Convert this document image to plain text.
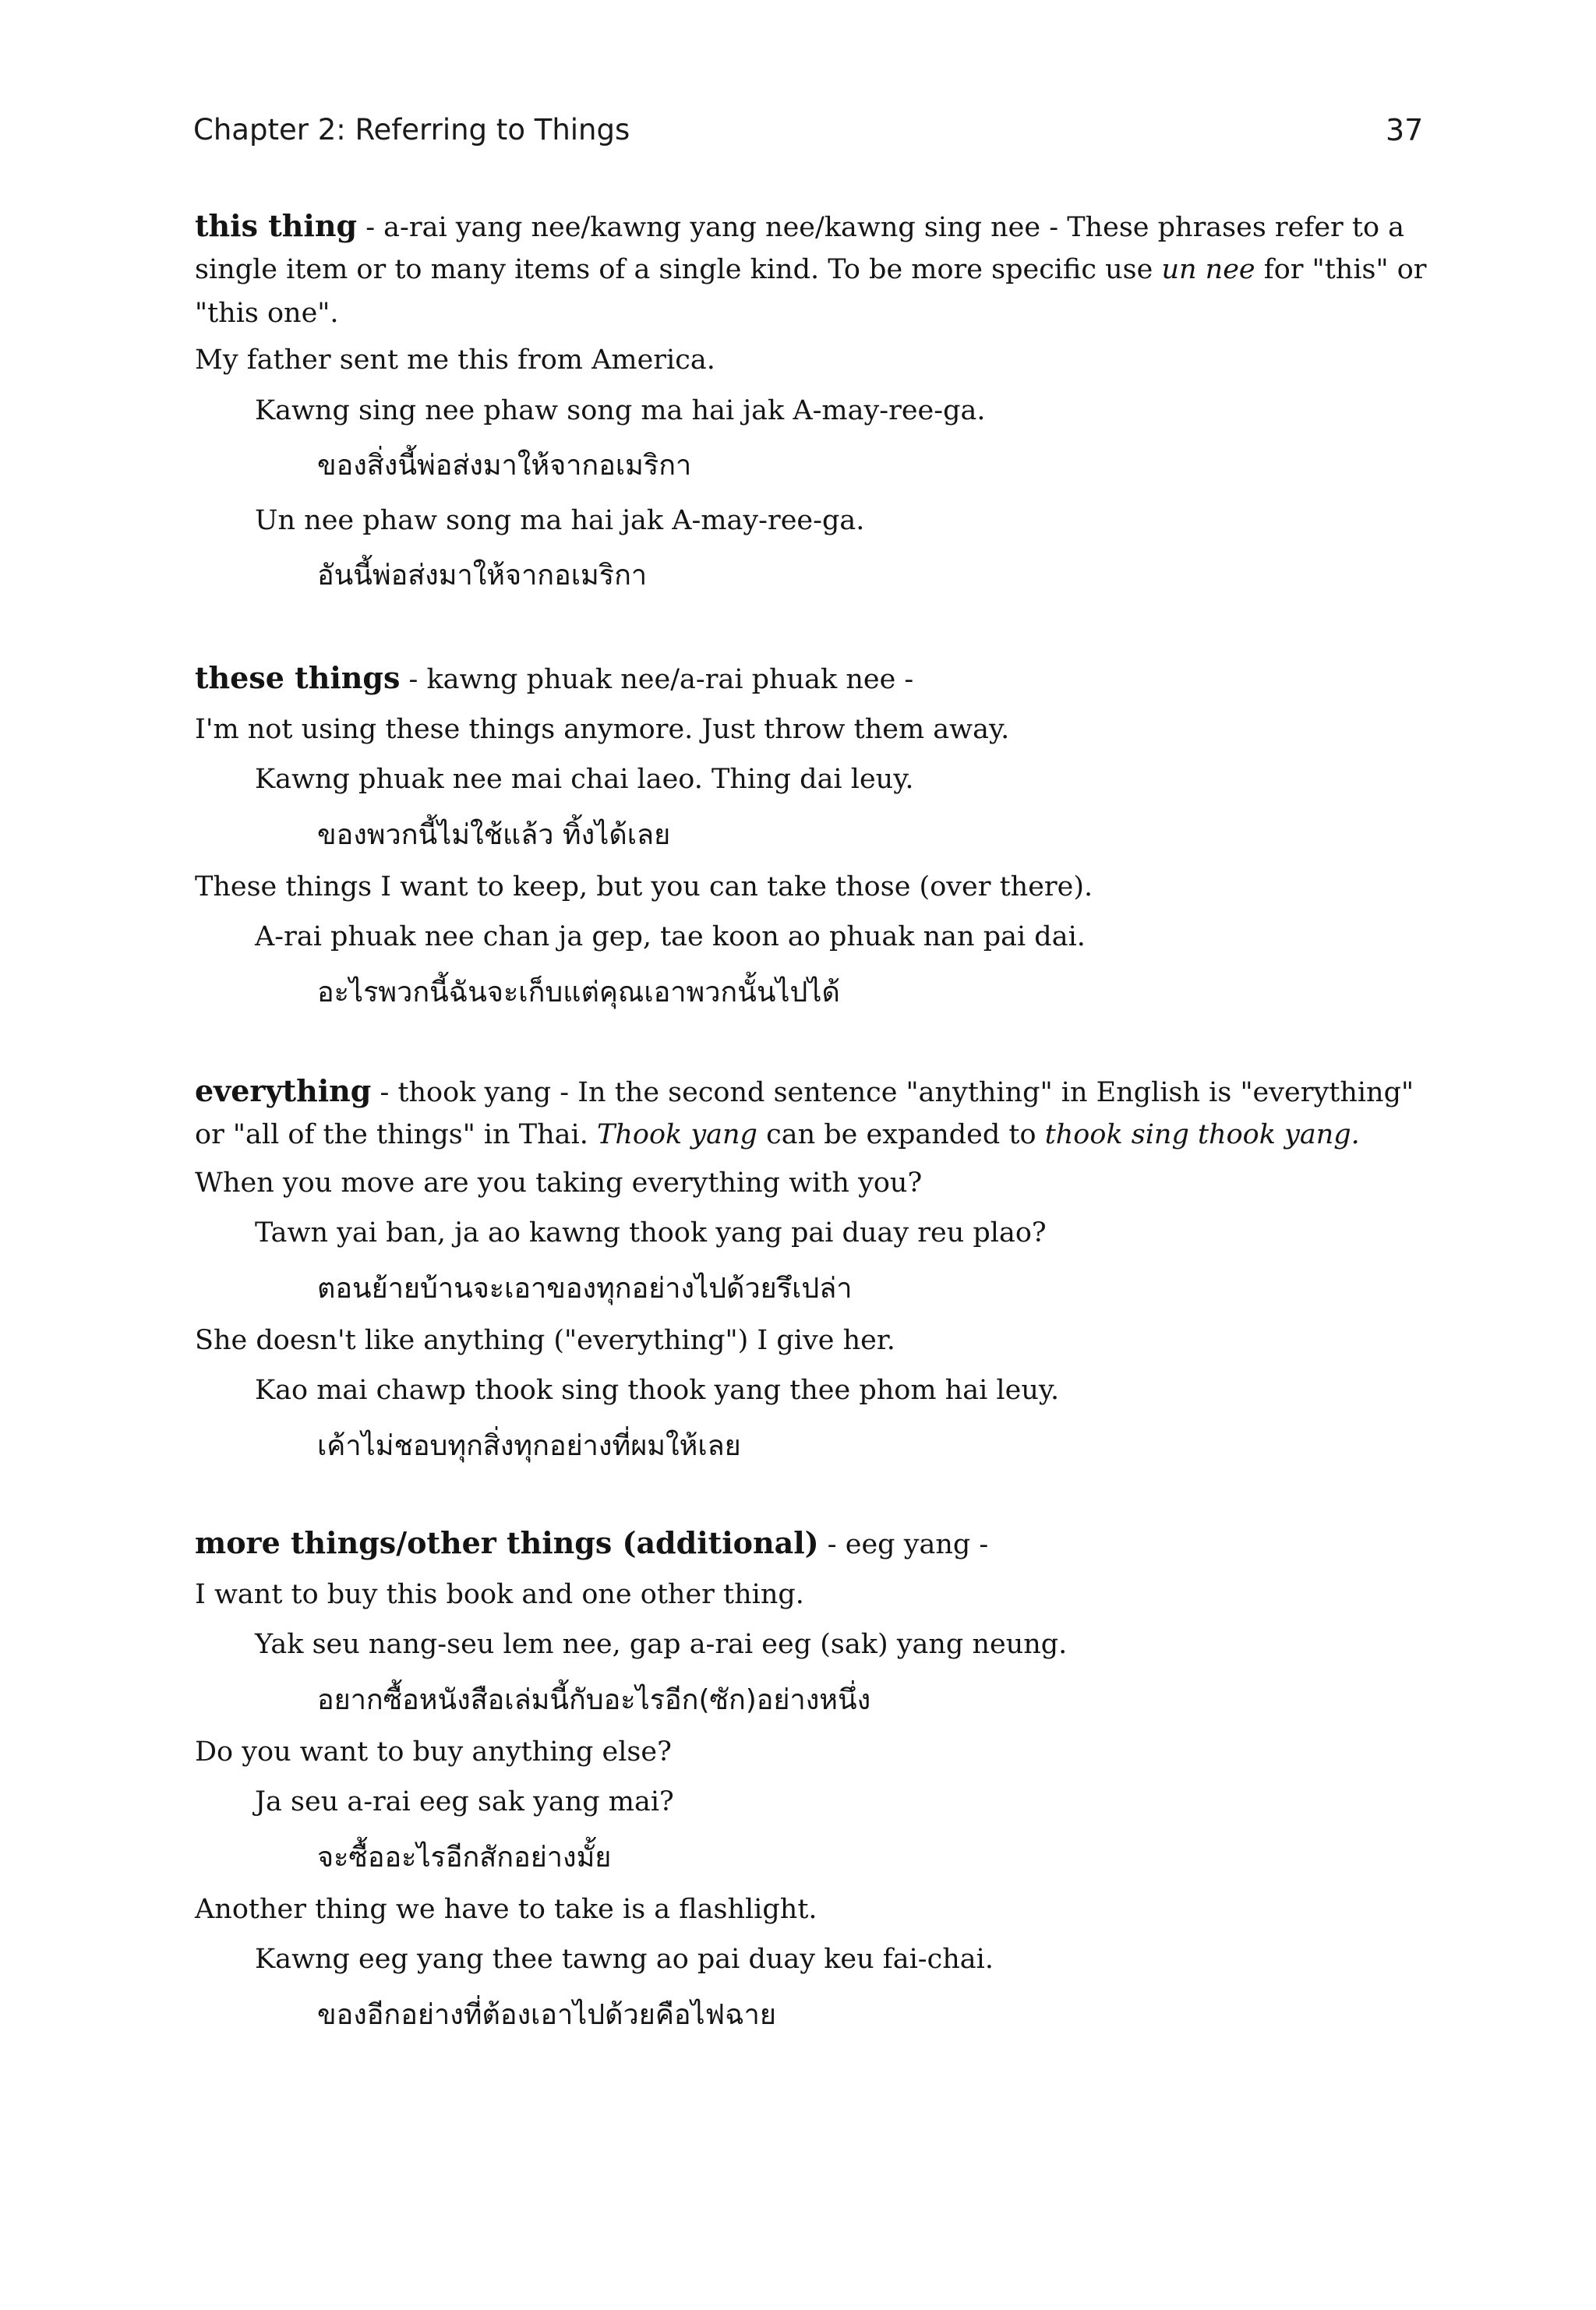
Chapter 2: Referring to Things	37
this thing - a-rai yang nee/kawng yang nee/kawng sing nee - These phrases refer to a
single item or to many items of a single kind. To be more specific use un nee for "this" or
"this one".
My father sent me this from America.
Kawng sing nee phaw song ma hai jak A-may-ree-ga.
ของสิ่งนี้พ่อส่งมาให้จากอเมริกา
Un nee phaw song ma hai jak A-may-ree-ga.
อันนี้พ่อส่งมาให้จากอเมริกา
these things - kawng phuak nee/a-rai phuak nee -
I'm not using these things anymore. Just throw them away.
Kawng phuak nee mai chai laeo. Thing dai leuy.
ของพวกนี้ไม่ใช้แล้ว ทิ้งได้เลย
These things I want to keep, but you can take those (over there).
A-rai phuak nee chan ja gep, tae koon ao phuak nan pai dai.
อะไรพวกนี้ฉันจะเก็บแต่คุณเอาพวกนั้นไปได้
everything - thook yang - In the second sentence "anything" in English is "everything"
or "all of the things" in Thai. Thook yang can be expanded to thook sing thook yang.
When you move are you taking everything with you?
Tawn yai ban, ja ao kawng thook yang pai duay reu plao?
ตอนย้ายบ้านจะเอาของทุกอย่างไปด้วยรึเปล่า
She doesn't like anything ("everything") I give her.
Kao mai chawp thook sing thook yang thee phom hai leuy.
เค้าไม่ชอบทุกสิ่งทุกอย่างที่ผมให้เลย
more things/other things (additional) - eeg yang -
I want to buy this book and one other thing.
Yak seu nang-seu lem nee, gap a-rai eeg (sak) yang neung.
อยากซื้อหนังสือเล่มนี้กับอะไรอีก(ซัก)อย่างหนึ่ง
Do you want to buy anything else?
Ja seu a-rai eeg sak yang mai?
จะซื้ออะไรอีกสักอย่างมั้ย
Another thing we have to take is a flashlight.
Kawng eeg yang thee tawng ao pai duay keu fai-chai.
ของอีกอย่างที่ต้องเอาไปด้วยคือไฟฉาย
